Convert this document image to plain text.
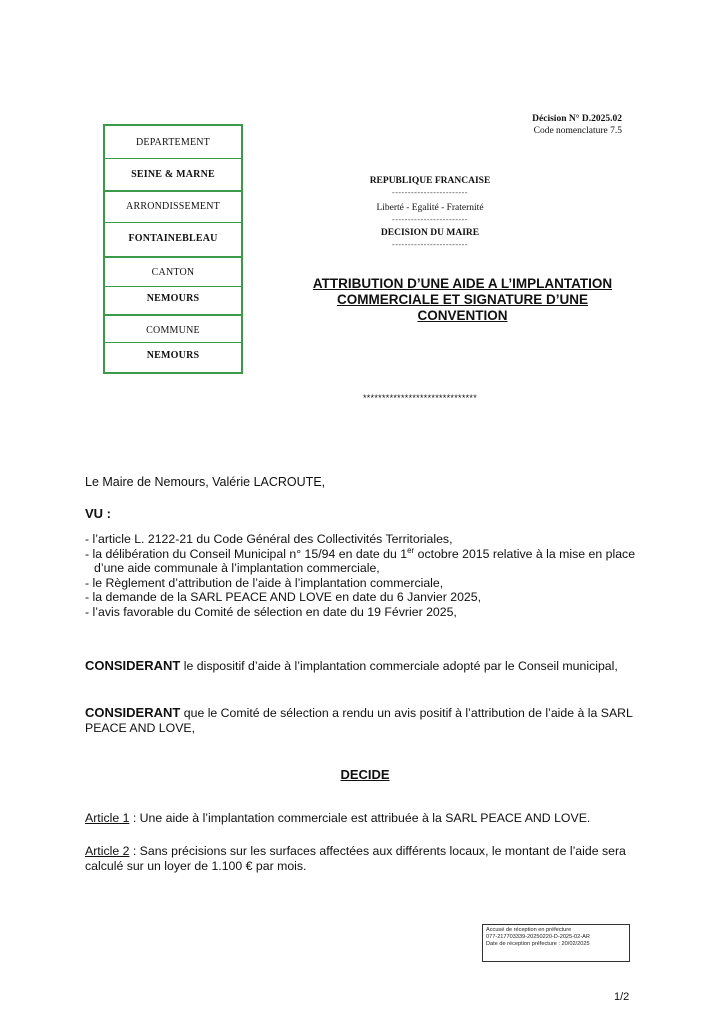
Décision N° D.2025.02
Code nomenclature 7.5
DEPARTEMENT
SEINE & MARNE
ARRONDISSEMENT
FONTAINEBLEAU
CANTON
NEMOURS
COMMUNE
NEMOURS
REPUBLIQUE FRANCAISE
------------------------
Liberté - Egalité - Fraternité
------------------------
DECISION DU MAIRE
------------------------
ATTRIBUTION D’UNE AIDE A L’IMPLANTATION
COMMERCIALE ET SIGNATURE D’UNE
CONVENTION
******************************
Le Maire de Nemours, Valérie LACROUTE,
VU :
- l’article L. 2122-21 du Code Général des Collectivités Territoriales,
- la délibération du Conseil Municipal n° 15/94 en date du 1er octobre 2015 relative à la mise en place d’une aide communale à l’implantation commerciale,
- le Règlement d’attribution de l’aide à l’implantation commerciale,
- la demande de la SARL PEACE AND LOVE en date du 6 Janvier 2025,
- l’avis favorable du Comité de sélection en date du 19 Février 2025,
CONSIDERANT le dispositif d’aide à l’implantation commerciale adopté par le Conseil municipal,
CONSIDERANT que le Comité de sélection a rendu un avis positif à l’attribution de l’aide à la SARL PEACE AND LOVE,
DECIDE
Article 1 : Une aide à l’implantation commerciale est attribuée à la SARL PEACE AND LOVE.
Article 2 : Sans précisions sur les surfaces affectées aux différents locaux, le montant de l’aide sera calculé sur un loyer de 1.100 € par mois.
Accusé de réception en préfecture
077-217703339-20250220-D-2025-02-AR
Date de réception préfecture : 20/02/2025
1/2
